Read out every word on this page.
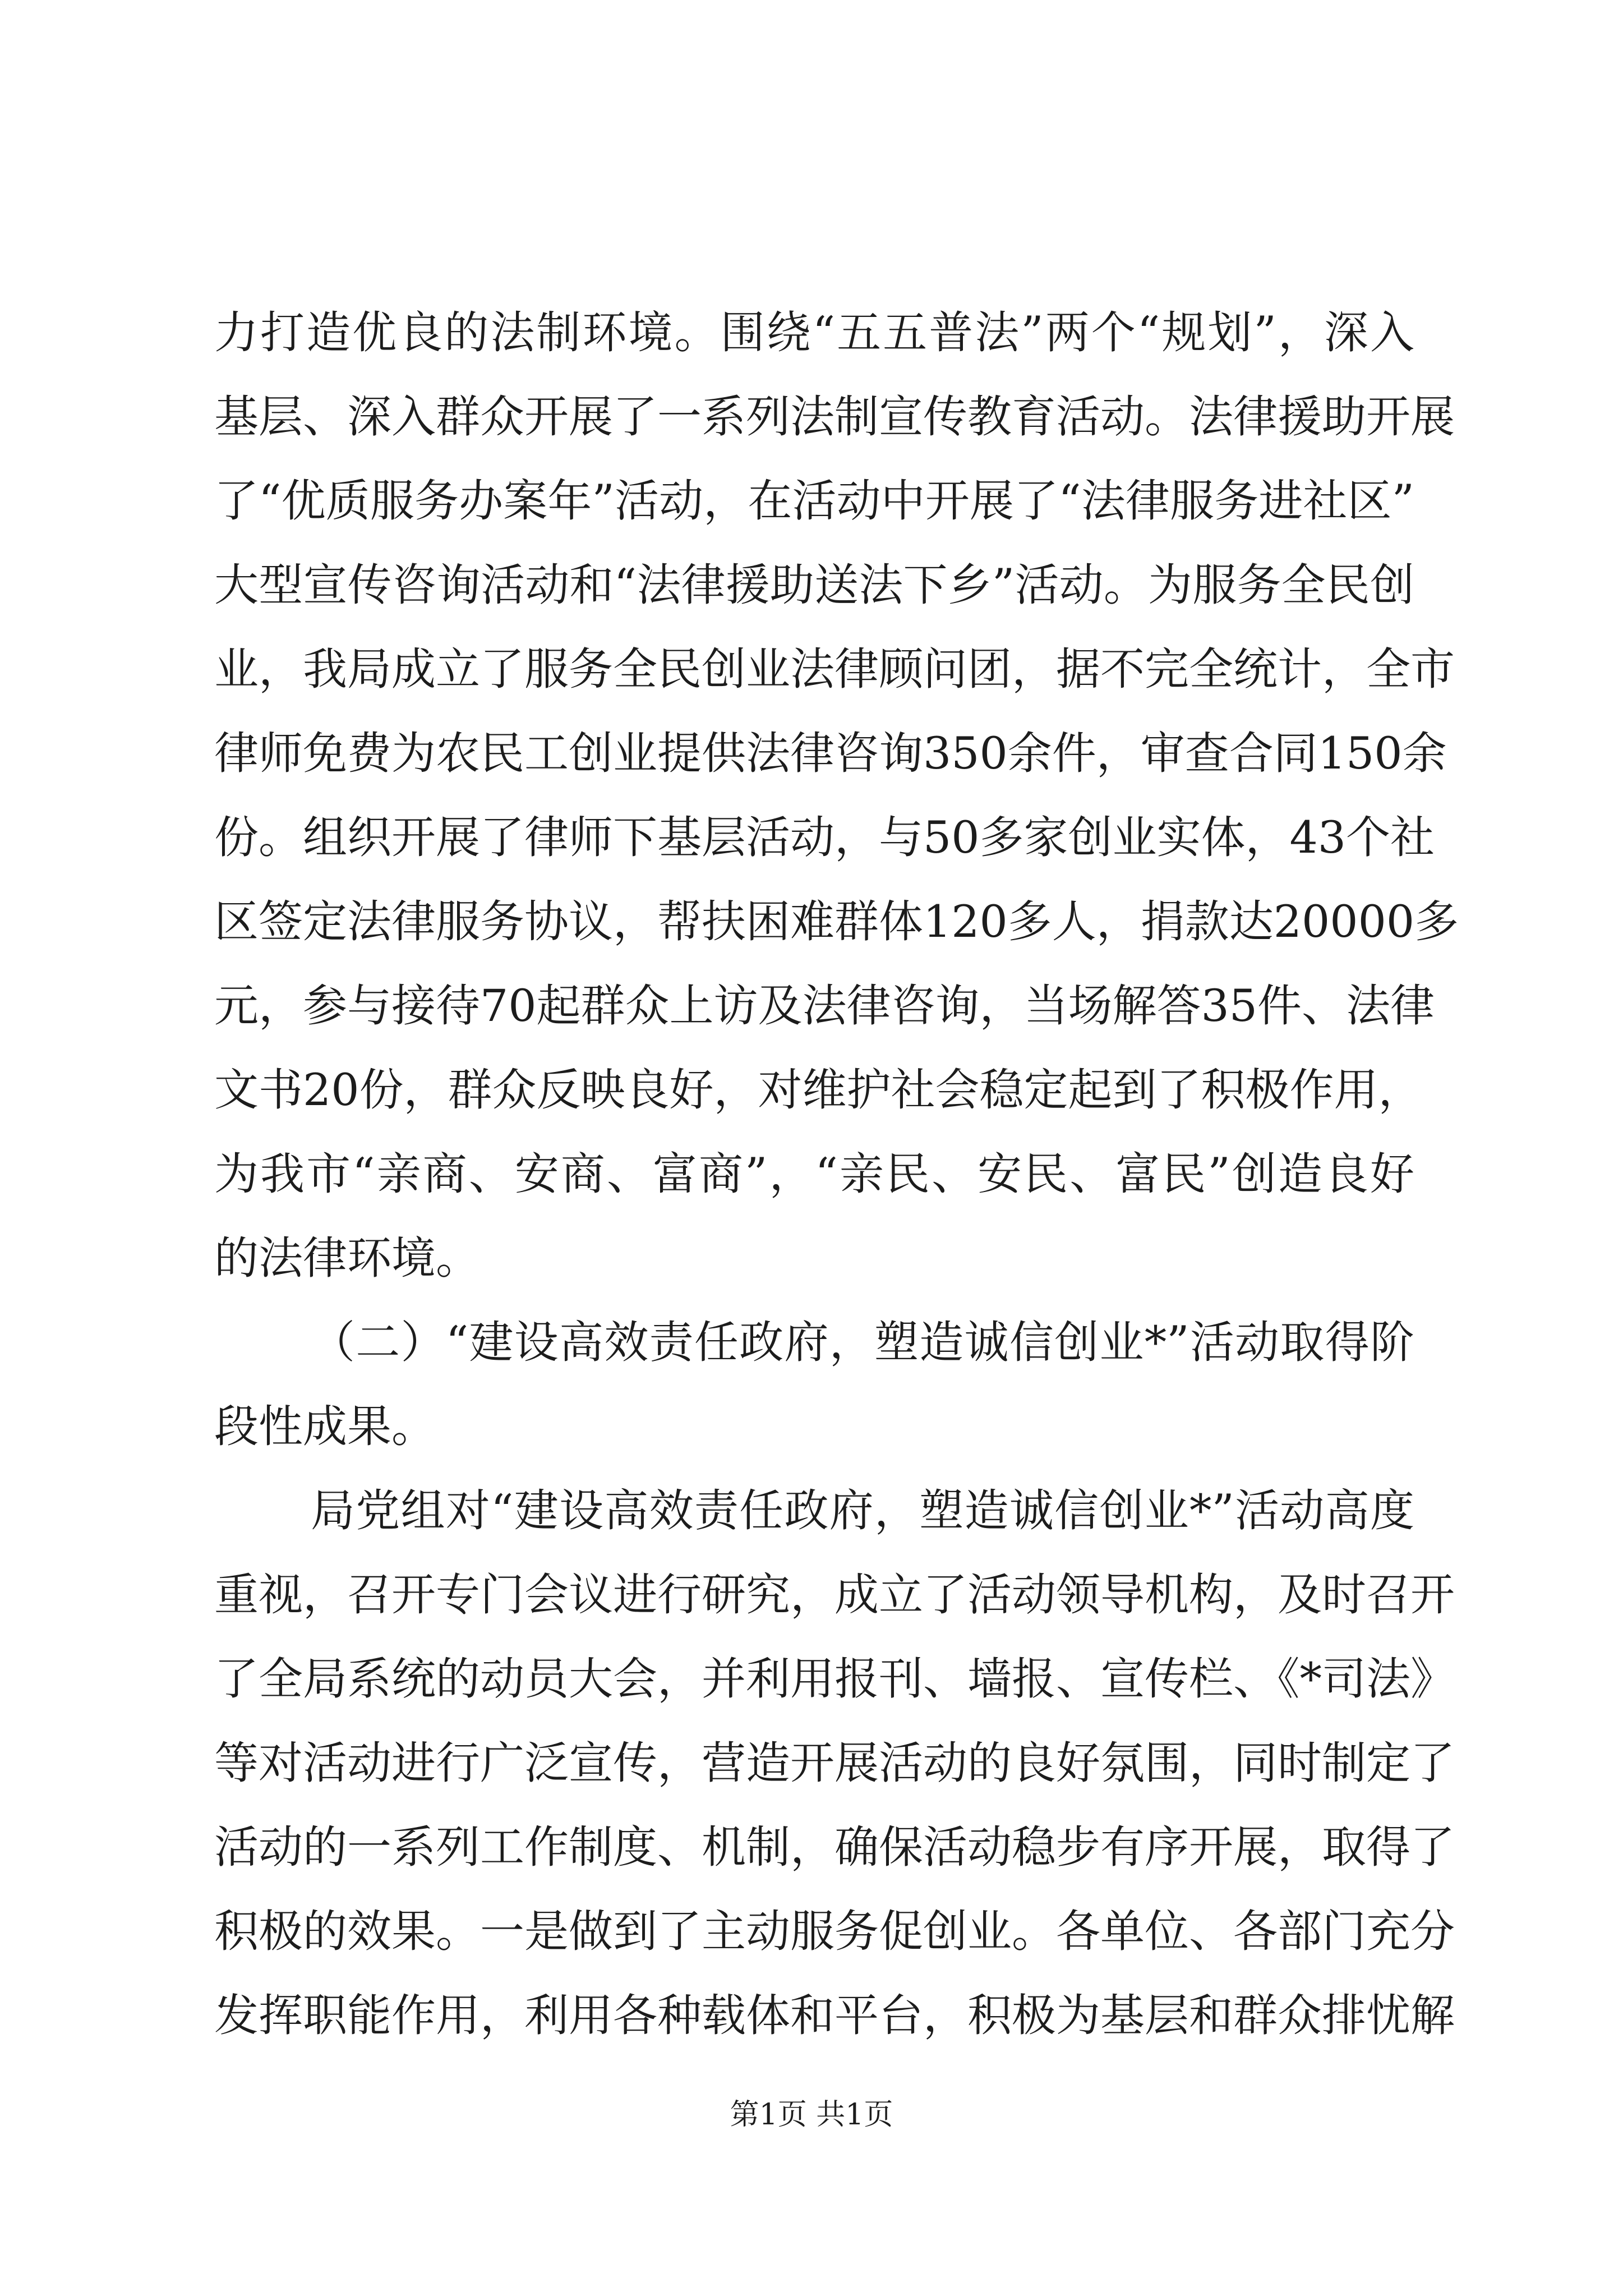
力打造优良的法制环境。围绕“五五普法”两个“规划”，深入
基层、深入群众开展了一系列法制宣传教育活动。法律援助开展
了“优质服务办案年”活动，在活动中开展了“法律服务进社区”
大型宣传咨询活动和“法律援助送法下乡”活动。为服务全民创
业，我局成立了服务全民创业法律顾问团，据不完全统计，全市
律师免费为农民工创业提供法律咨询350余件，审查合同150余
份。组织开展了律师下基层活动，与50多家创业实体，43个社
区签定法律服务协议，帮扶困难群体120多人，捐款达20000多
元，参与接待70起群众上访及法律咨询，当场解答35件、法律
文书20份，群众反映良好，对维护社会稳定起到了积极作用，
为我市“亲商、安商、富商”，“亲民、安民、富民”创造良好
的法律环境。
（二）“建设高效责任政府，塑造诚信创业*”活动取得阶
段性成果。
局党组对“建设高效责任政府，塑造诚信创业*”活动高度
重视，召开专门会议进行研究，成立了活动领导机构，及时召开
了全局系统的动员大会，并利用报刊、墙报、宣传栏、《*司法》
等对活动进行广泛宣传，营造开展活动的良好氛围，同时制定了
活动的一系列工作制度、机制，确保活动稳步有序开展，取得了
积极的效果。一是做到了主动服务促创业。各单位、各部门充分
发挥职能作用，利用各种载体和平台，积极为基层和群众排忧解
第1页 共1页
